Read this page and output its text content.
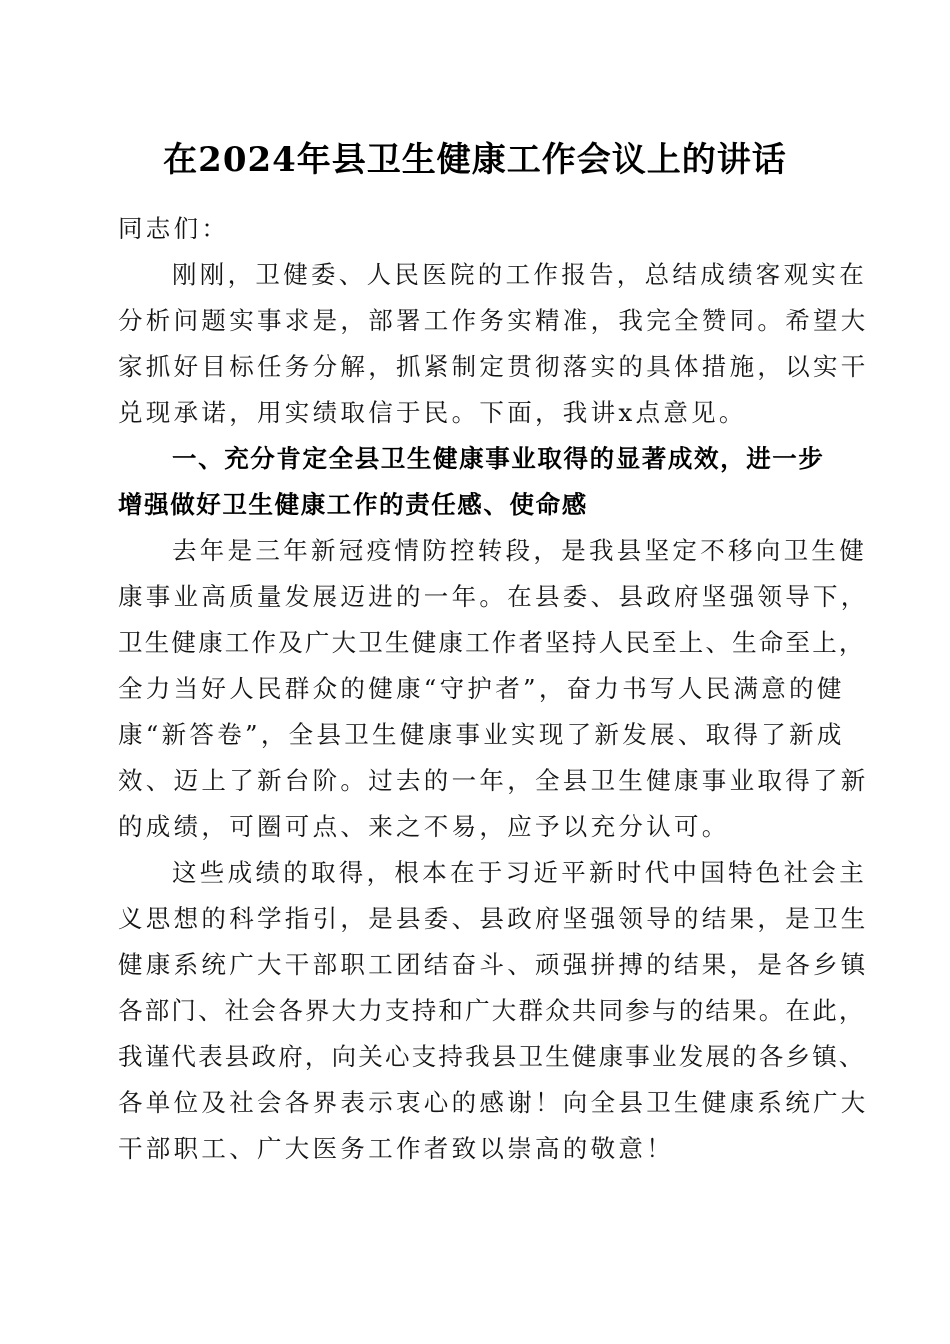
在2024年县卫生健康工作会议上的讲话
同志们：
刚刚，卫健委、人民医院的工作报告，总结成绩客观实在
分析问题实事求是，部署工作务实精准，我完全赞同。希望大
家抓好目标任务分解，抓紧制定贯彻落实的具体措施，以实干
兑现承诺，用实绩取信于民。下面，我讲x点意见。
一、充分肯定全县卫生健康事业取得的显著成效，进一步
增强做好卫生健康工作的责任感、使命感
去年是三年新冠疫情防控转段，是我县坚定不移向卫生健
康事业高质量发展迈进的一年。在县委、县政府坚强领导下，
卫生健康工作及广大卫生健康工作者坚持人民至上、生命至上，
全力当好人民群众的健康“守护者”，奋力书写人民满意的健
康“新答卷”，全县卫生健康事业实现了新发展、取得了新成
效、迈上了新台阶。过去的一年，全县卫生健康事业取得了新
的成绩，可圈可点、来之不易，应予以充分认可。
这些成绩的取得，根本在于习近平新时代中国特色社会主
义思想的科学指引，是县委、县政府坚强领导的结果，是卫生
健康系统广大干部职工团结奋斗、顽强拼搏的结果，是各乡镇
各部门、社会各界大力支持和广大群众共同参与的结果。在此，
我谨代表县政府，向关心支持我县卫生健康事业发展的各乡镇、
各单位及社会各界表示衷心的感谢！向全县卫生健康系统广大
干部职工、广大医务工作者致以崇高的敬意！
